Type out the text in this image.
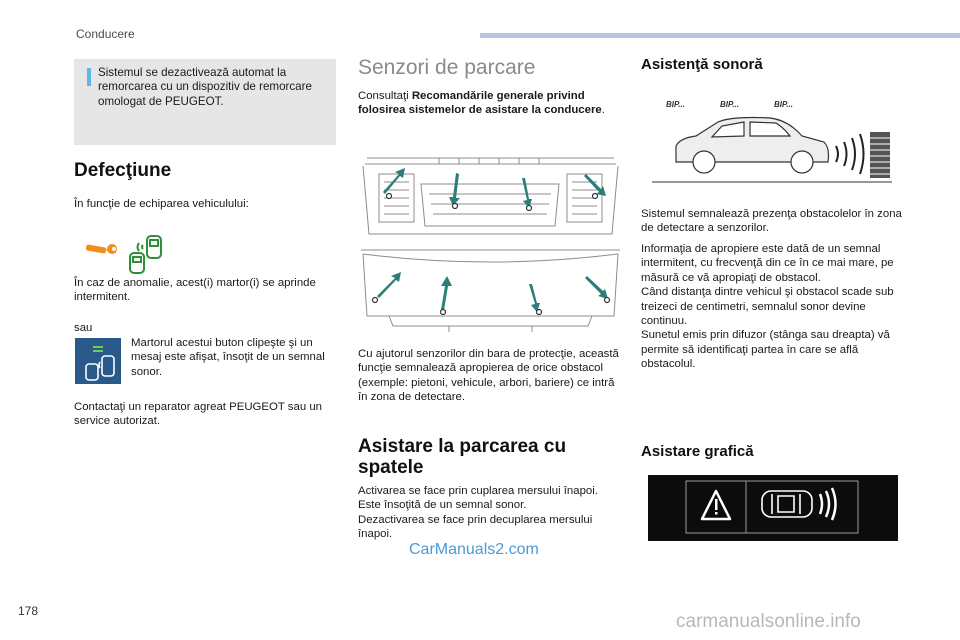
Conducere
Sistemul se dezactivează automat la remorcarea cu un dispozitiv de remorcare omologat de PEUGEOT.
Defecţiune
În funcţie de echiparea vehiculului:
În caz de anomalie, acest(i) martor(i) se aprinde intermitent.
sau
Martorul acestui buton clipeşte şi un mesaj este afişat, însoţit de un semnal sonor.
Contactaţi un reparator agreat PEUGEOT sau un service autorizat.
Senzori de parcare
Consultaţi Recomandările generale privind folosirea sistemelor de asistare la conducere.
Cu ajutorul senzorilor din bara de protecţie, această funcţie semnalează apropierea de orice obstacol (exemple: pietoni, vehicule, arbori, bariere) ce intră în zona de detectare.
Asistare la parcarea cu spatele
Activarea se face prin cuplarea mersului înapoi.
Este însoţită de un semnal sonor.
Dezactivarea se face prin decuplarea mersului înapoi.
Asistenţă sonoră
BIP...	BIP...	BIP...
Sistemul semnalează prezenţa obstacolelor în zona de detectare a senzorilor.
Informaţia de apropiere este dată de un semnal intermitent, cu frecvenţă din ce în ce mai mare, pe măsură ce vă apropiaţi de obstacol.
Când distanţa dintre vehicul şi obstacol scade sub treizeci de centimetri, semnalul sonor devine continuu.
Sunetul emis prin difuzor (stânga sau dreapta) vă permite să identificaţi partea în care se află obstacolul.
Asistare grafică
CarManuals2.com
carmanualsonline.info
178
